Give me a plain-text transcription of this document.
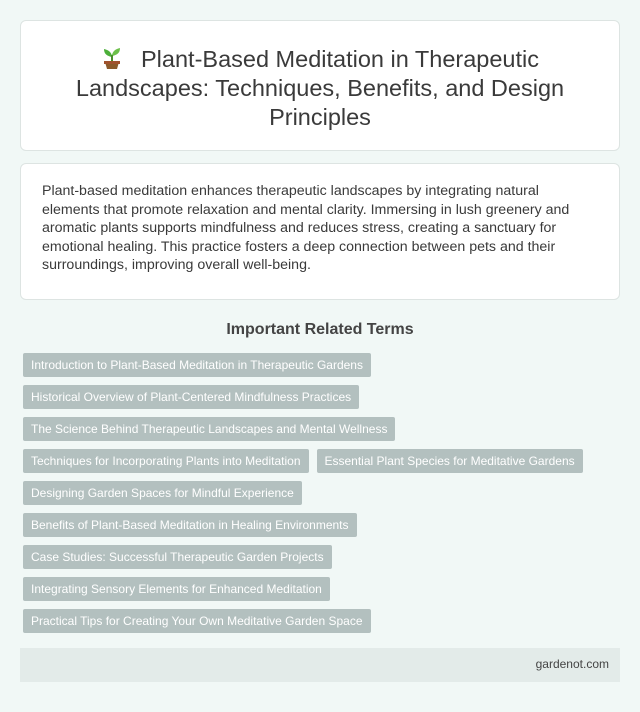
Plant-Based Meditation in Therapeutic Landscapes: Techniques, Benefits, and Design Principles

Plant-based meditation enhances therapeutic landscapes by integrating natural elements that promote relaxation and mental clarity. Immersing in lush greenery and aromatic plants supports mindfulness and reduces stress, creating a sanctuary for emotional healing. This practice fosters a deep connection between pets and their surroundings, improving overall well-being.

Important Related Terms
Introduction to Plant-Based Meditation in Therapeutic Gardens
Historical Overview of Plant-Centered Mindfulness Practices
The Science Behind Therapeutic Landscapes and Mental Wellness
Techniques for Incorporating Plants into Meditation	Essential Plant Species for Meditative Gardens
Designing Garden Spaces for Mindful Experience
Benefits of Plant-Based Meditation in Healing Environments
Case Studies: Successful Therapeutic Garden Projects
Integrating Sensory Elements for Enhanced Meditation
Practical Tips for Creating Your Own Meditative Garden Space
gardenot.com
